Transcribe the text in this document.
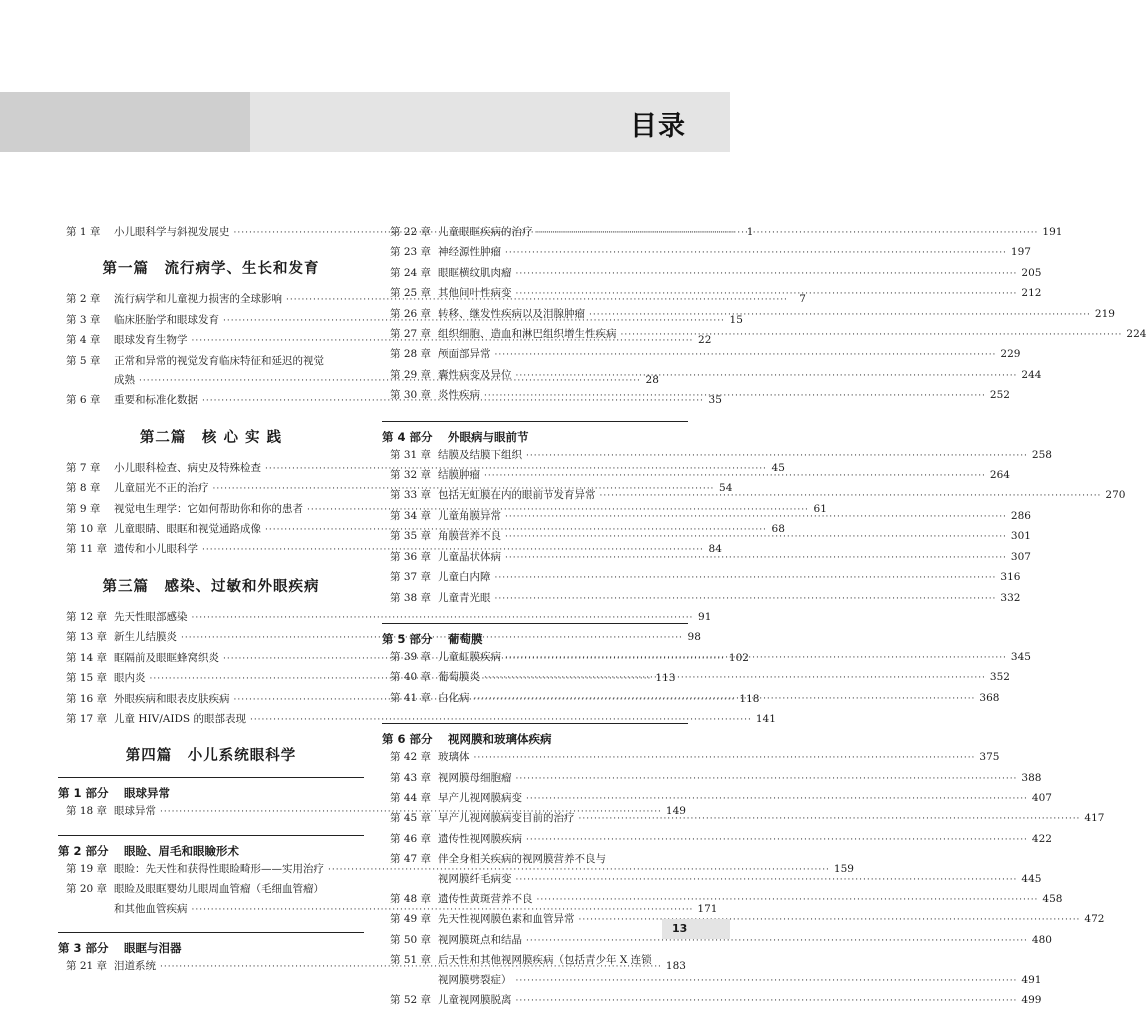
目录
第 1 章	小儿眼科学与斜视发展史 ·····	1
第一篇　流行病学、生长和发育
第 2 章	流行病学和儿童视力损害的全球影响 ·····	7
第 3 章	临床胚胎学和眼球发育 ·····	15
第 4 章	眼球发育生物学 ·····	22
第 5 章	正常和异常的视觉发育临床特征和延迟的视觉
成熟 ·····	28
第 6 章	重要和标准化数据 ·····	35
第二篇　核 心 实 践
第 7 章	小儿眼科检查、病史及特殊检查 ·····	45
第 8 章	儿童屈光不正的治疗 ·····	54
第 9 章	视觉电生理学：它如何帮助你和你的患者 ·····	61
第 10 章 儿童眼睛、眼眶和视觉通路成像 ·····	68
第 11 章 遗传和小儿眼科学 ·····	84
第三篇　感染、过敏和外眼疾病
第 12 章 先天性眼部感染 ·····	91
第 13 章 新生儿结膜炎 ·····	98
第 14 章 眶隔前及眼眶蜂窝织炎 ·····	102
第 15 章 眼内炎 ·····	113
第 16 章 外眼疾病和眼表皮肤疾病 ·····	118
第 17 章 儿童 HIV/AIDS 的眼部表现 ·····	141
第四篇　小儿系统眼科学
第 1 部分 眼球异常
第 18 章 眼球异常 ·····	149
第 2 部分 眼睑、眉毛和眼瞼形术
第 19 章 眼睑：先天性和获得性眼睑畸形——实用治疗 ·····	159
第 20 章 眼睑及眼眶婴幼儿眼周血管瘤（毛细血管瘤）
和其他血管疾病 ·····	171
第 3 部分 眼眶与泪器
第 21 章 泪道系统 ·····	183
第 22 章 儿童眼眶疾病的治疗 ·····	191
第 23 章 神经源性肿瘤 ·····	197
第 24 章 眼眶横纹肌肉瘤 ·····	205
第 25 章 其他间叶性病变 ·····	212
第 26 章 转移、继发性疾病以及泪腺肿瘤 ·····	219
第 27 章 组织细胞、造血和淋巴组织增生性疾病 ·····	224
第 28 章 颅面部异常 ·····	229
第 29 章 囊性病变及异位 ·····	244
第 30 章 炎性疾病 ·····	252
第 4 部分 外眼病与眼前节
第 31 章 结膜及结膜下组织 ·····	258
第 32 章 结膜肿瘤 ·····	264
第 33 章 包括无虹膜在内的眼前节发育异常 ·····	270
第 34 章 儿童角膜异常 ·····	286
第 35 章 角膜营养不良 ·····	301
第 36 章 儿童晶状体病 ·····	307
第 37 章 儿童白内障 ·····	316
第 38 章 儿童青光眼 ·····	332
第 5 部分 葡萄膜
第 39 章 儿童虹膜疾病 ·····	345
第 40 章 葡萄膜炎 ·····	352
第 41 章 白化病 ·····	368
第 6 部分 视网膜和玻璃体疾病
第 42 章 玻璃体 ·····	375
第 43 章 视网膜母细胞瘤 ·····	388
第 44 章 早产儿视网膜病变 ·····	407
第 45 章 早产儿视网膜病变目前的治疗 ·····	417
第 46 章 遗传性视网膜疾病 ·····	422
第 47 章 伴全身相关疾病的视网膜营养不良与
视网膜纤毛病变 ·····	445
第 48 章 遗传性黄斑营养不良 ·····	458
第 49 章 先天性视网膜色素和血管异常 ·····	472
第 50 章 视网膜斑点和结晶 ·····	480
第 51 章 后天性和其他视网膜疾病（包括青少年 X 连锁
视网膜劈裂症） ·····	491
第 52 章 儿童视网膜脱离 ·····	499
13
